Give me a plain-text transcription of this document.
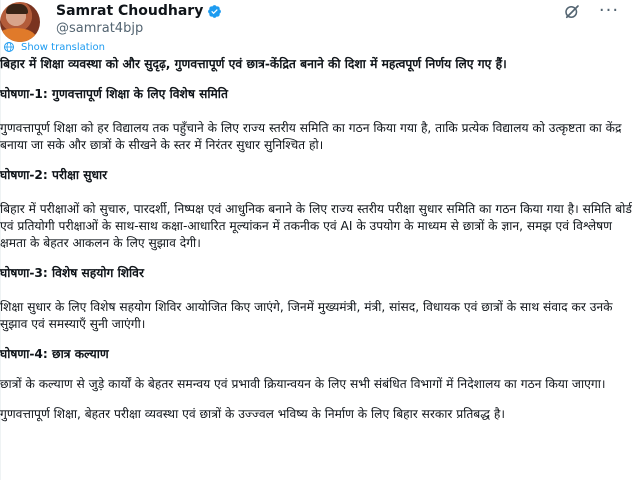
Samrat Choudhary
@samrat4bjp
···
Show translation

बिहार में शिक्षा व्यवस्था को और सुदृढ़, गुणवत्तापूर्ण एवं छात्र-केंद्रित बनाने की दिशा में महत्वपूर्ण निर्णय लिए गए हैं।

घोषणा-1: गुणवत्तापूर्ण शिक्षा के लिए विशेष समिति

गुणवत्तापूर्ण शिक्षा को हर विद्यालय तक पहुँचाने के लिए राज्य स्तरीय समिति का गठन किया गया है, ताकि प्रत्येक विद्यालय को उत्कृष्टता का केंद्र बनाया जा सके और छात्रों के सीखने के स्तर में निरंतर सुधार सुनिश्चित हो।

घोषणा-2: परीक्षा सुधार

बिहार में परीक्षाओं को सुचारु, पारदर्शी, निष्पक्ष एवं आधुनिक बनाने के लिए राज्य स्तरीय परीक्षा सुधार समिति का गठन किया गया है। समिति बोर्ड एवं प्रतियोगी परीक्षाओं के साथ-साथ कक्षा-आधारित मूल्यांकन में तकनीक एवं AI के उपयोग के माध्यम से छात्रों के ज्ञान, समझ एवं विश्लेषण क्षमता के बेहतर आकलन के लिए सुझाव देगी।

घोषणा-3: विशेष सहयोग शिविर

शिक्षा सुधार के लिए विशेष सहयोग शिविर आयोजित किए जाएंगे, जिनमें मुख्यमंत्री, मंत्री, सांसद, विधायक एवं छात्रों के साथ संवाद कर उनके सुझाव एवं समस्याएँ सुनी जाएंगी।

घोषणा-4: छात्र कल्याण

छात्रों के कल्याण से जुड़े कार्यों के बेहतर समन्वय एवं प्रभावी क्रियान्वयन के लिए सभी संबंधित विभागों में निदेशालय का गठन किया जाएगा।

गुणवत्तापूर्ण शिक्षा, बेहतर परीक्षा व्यवस्था एवं छात्रों के उज्ज्वल भविष्य के निर्माण के लिए बिहार सरकार प्रतिबद्ध है।
